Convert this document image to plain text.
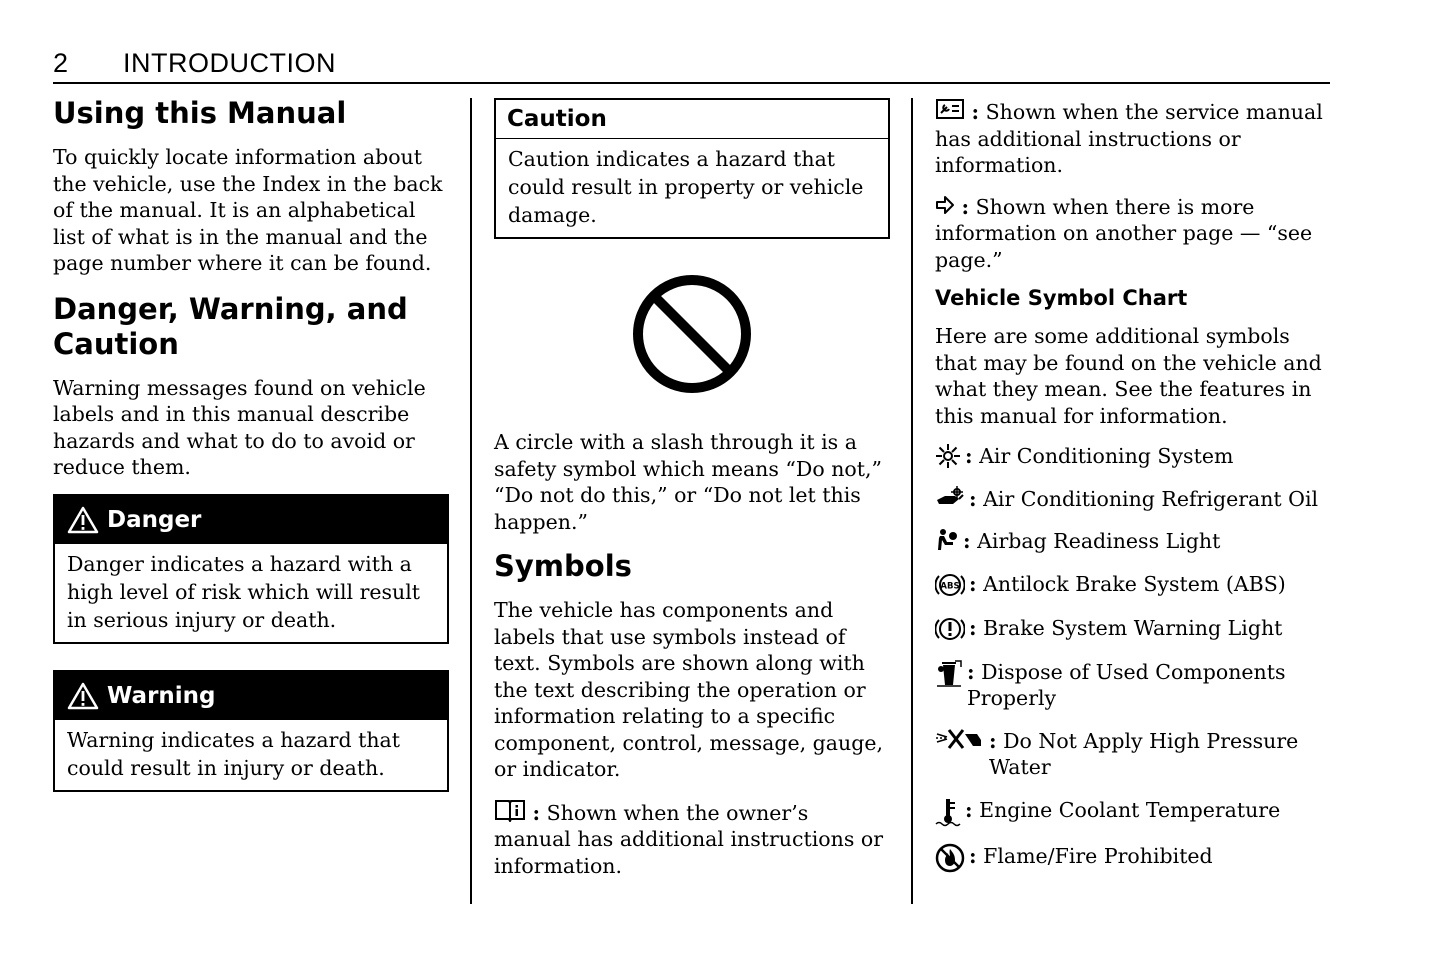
2 INTRODUCTION
Using this Manual

To quickly locate information about the vehicle, use the Index in the back of the manual. It is an alphabetical list of what is in the manual and the page number where it can be found.

Danger, Warning, and Caution

Warning messages found on vehicle labels and in this manual describe hazards and what to do to avoid or reduce them.

Danger
Danger indicates a hazard with a high level of risk which will result in serious injury or death.
Warning
Warning indicates a hazard that could result in injury or death.
Caution
Caution indicates a hazard that could result in property or vehicle damage.

A circle with a slash through it is a safety symbol which means “Do not,” “Do not do this,” or “Do not let this happen.”

Symbols

The vehicle has components and labels that use symbols instead of text. Symbols are shown along with the text describing the operation or information relating to a specific component, control, message, gauge, or indicator.

: Shown when the owner’s manual has additional instructions or information.

: Shown when the service manual has additional instructions or information.

: Shown when there is more information on another page — “see page.”

Vehicle Symbol Chart

Here are some additional symbols that may be found on the vehicle and what they mean. See the features in this manual for information.

: Air Conditioning System

: Air Conditioning Refrigerant Oil

: Airbag Readiness Light

ABS : Antilock Brake System (ABS)

: Brake System Warning Light

: Dispose of Used Components Properly

: Do Not Apply High Pressure Water

: Engine Coolant Temperature

: Flame/Fire Prohibited
